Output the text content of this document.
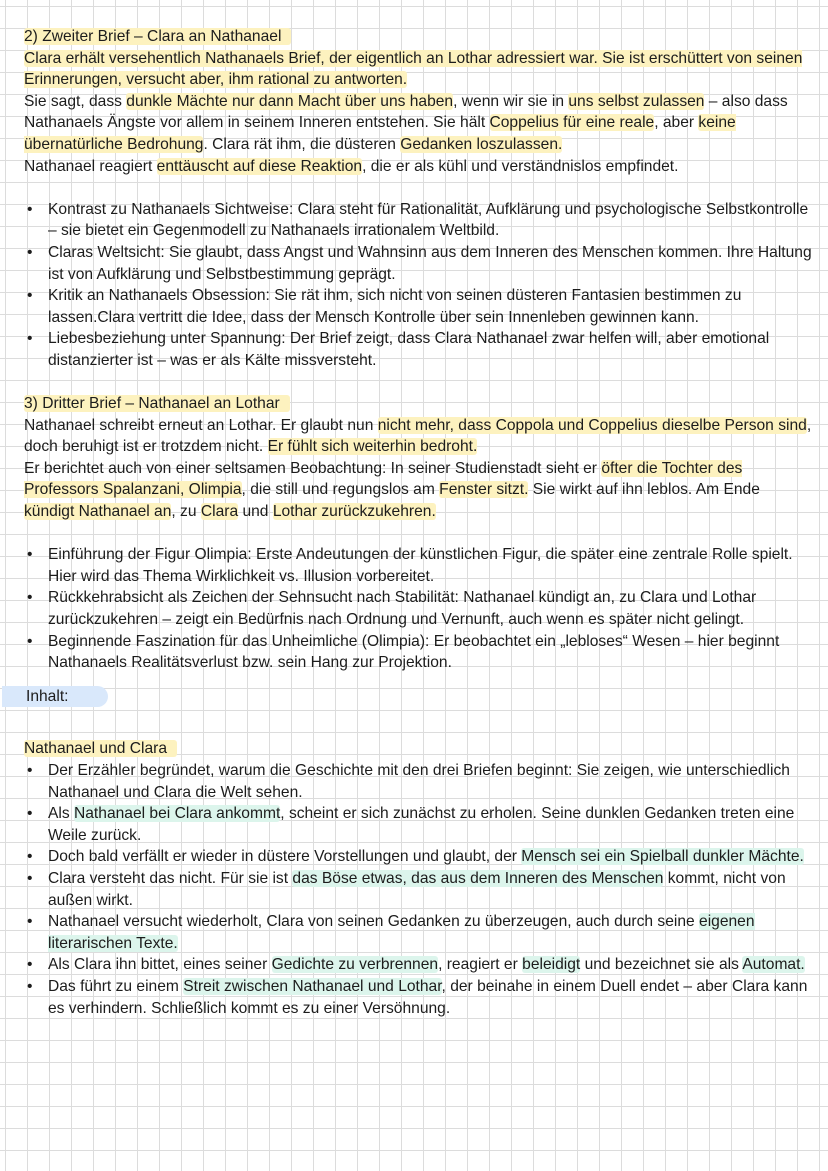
2) Zweiter Brief – Clara an Nathanael

Clara erhält versehentlich Nathanaels Brief, der eigentlich an Lothar adressiert war. Sie ist erschüttert von seinen Erinnerungen, versucht aber, ihm rational zu antworten.
Sie sagt, dass dunkle Mächte nur dann Macht über uns haben, wenn wir sie in uns selbst zulassen – also dass Nathanaels Ängste vor allem in seinem Inneren entstehen. Sie hält Coppelius für eine reale, aber keine übernatürliche Bedrohung. Clara rät ihm, die düsteren Gedanken loszulassen.
Nathanael reagiert enttäuscht auf diese Reaktion, die er als kühl und verständnislos empfindet.

• Kontrast zu Nathanaels Sichtweise: Clara steht für Rationalität, Aufklärung und psychologische Selbstkontrolle – sie bietet ein Gegenmodell zu Nathanaels irrationalem Weltbild.
• Claras Weltsicht: Sie glaubt, dass Angst und Wahnsinn aus dem Inneren des Menschen kommen. Ihre Haltung ist von Aufklärung und Selbstbestimmung geprägt.
• Kritik an Nathanaels Obsession: Sie rät ihm, sich nicht von seinen düsteren Fantasien bestimmen zu lassen.Clara vertritt die Idee, dass der Mensch Kontrolle über sein Innenleben gewinnen kann.
• Liebesbeziehung unter Spannung: Der Brief zeigt, dass Clara Nathanael zwar helfen will, aber emotional distanzierter ist – was er als Kälte missversteht.
3) Dritter Brief – Nathanael an Lothar

Nathanael schreibt erneut an Lothar. Er glaubt nun nicht mehr, dass Coppola und Coppelius dieselbe Person sind, doch beruhigt ist er trotzdem nicht. Er fühlt sich weiterhin bedroht.
Er berichtet auch von einer seltsamen Beobachtung: In seiner Studienstadt sieht er öfter die Tochter des Professors Spalanzani, Olimpia, die still und regungslos am Fenster sitzt. Sie wirkt auf ihn leblos. Am Ende kündigt Nathanael an, zu Clara und Lothar zurückzukehren.

• Einführung der Figur Olimpia: Erste Andeutungen der künstlichen Figur, die später eine zentrale Rolle spielt. Hier wird das Thema Wirklichkeit vs. Illusion vorbereitet.
• Rückkehrabsicht als Zeichen der Sehnsucht nach Stabilität: Nathanael kündigt an, zu Clara und Lothar zurückzukehren – zeigt ein Bedürfnis nach Ordnung und Vernunft, auch wenn es später nicht gelingt.
• Beginnende Faszination für das Unheimliche (Olimpia): Er beobachtet ein „lebloses“ Wesen – hier beginnt Nathanaels Realitätsverlust bzw. sein Hang zur Projektion.
Inhalt:
Nathanael und Clara
• Der Erzähler begründet, warum die Geschichte mit den drei Briefen beginnt: Sie zeigen, wie unterschiedlich Nathanael und Clara die Welt sehen.
• Als Nathanael bei Clara ankommt, scheint er sich zunächst zu erholen. Seine dunklen Gedanken treten eine Weile zurück.
• Doch bald verfällt er wieder in düstere Vorstellungen und glaubt, der Mensch sei ein Spielball dunkler Mächte.
• Clara versteht das nicht. Für sie ist das Böse etwas, das aus dem Inneren des Menschen kommt, nicht von außen wirkt.
• Nathanael versucht wiederholt, Clara von seinen Gedanken zu überzeugen, auch durch seine eigenen literarischen Texte.
• Als Clara ihn bittet, eines seiner Gedichte zu verbrennen, reagiert er beleidigt und bezeichnet sie als Automat.
• Das führt zu einem Streit zwischen Nathanael und Lothar, der beinahe in einem Duell endet – aber Clara kann es verhindern. Schließlich kommt es zu einer Versöhnung.
